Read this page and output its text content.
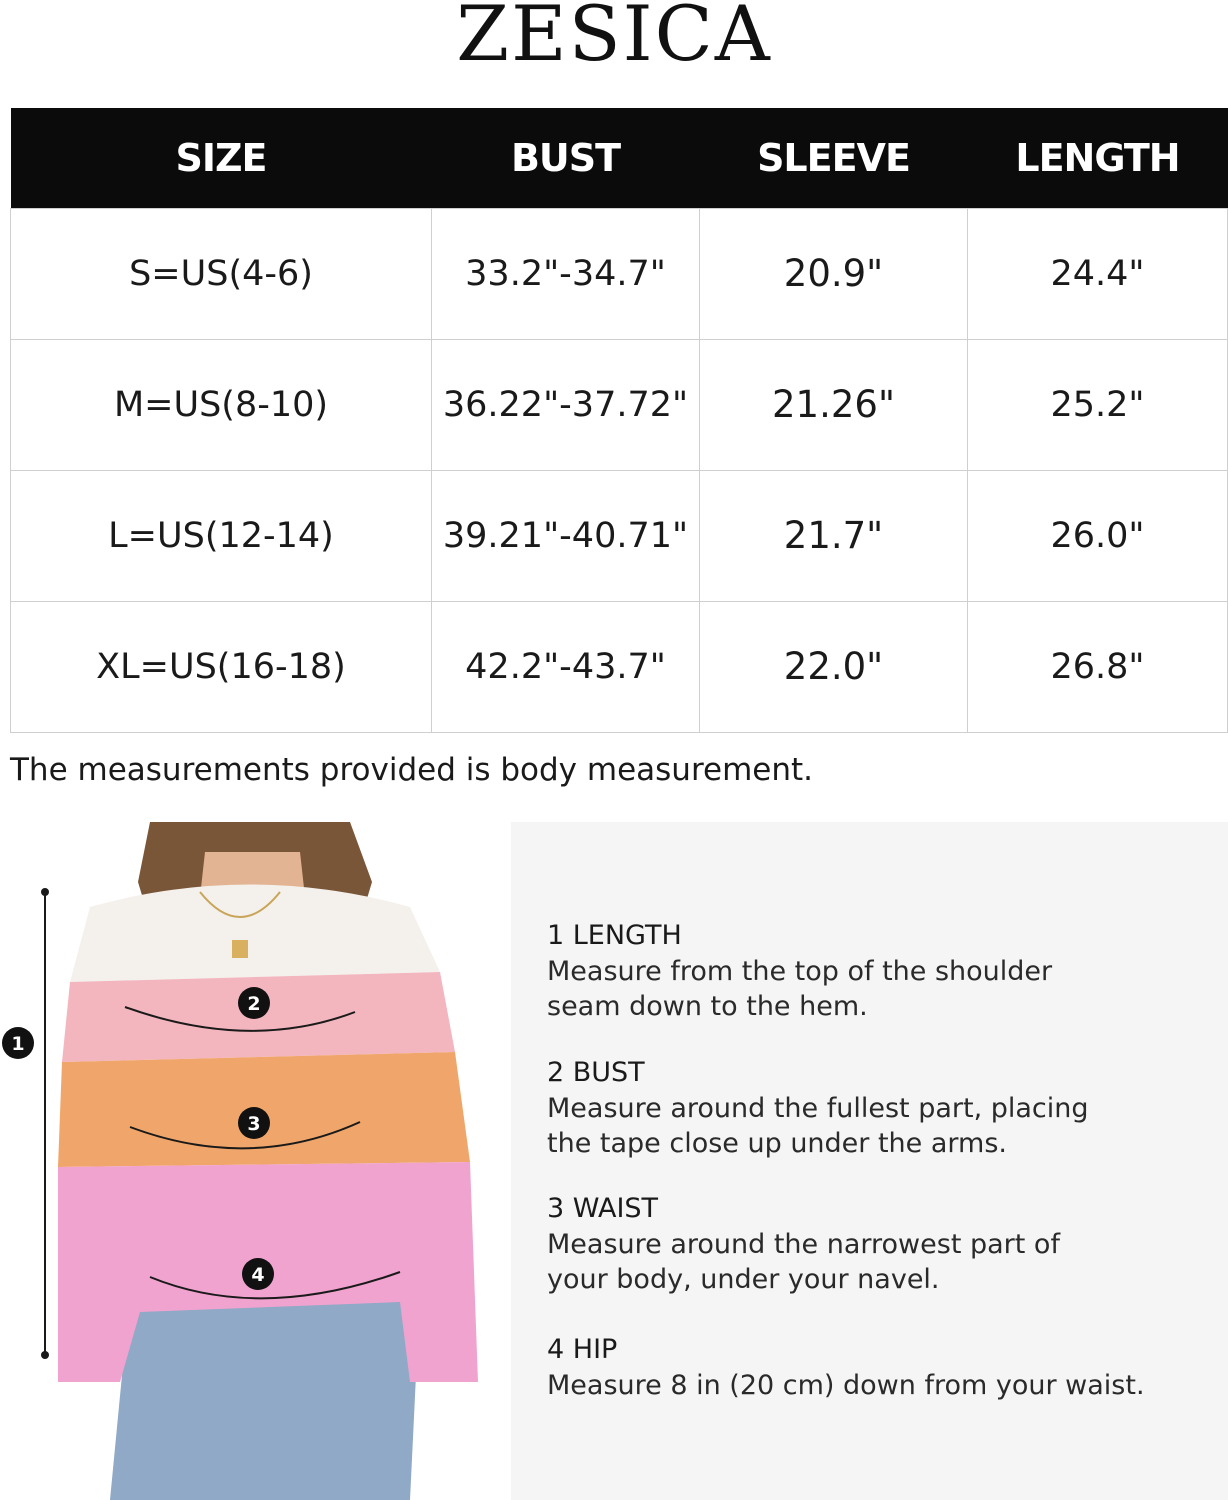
ZESICA
SIZE	BUST	SLEEVE	LENGTH
S=US(4-6)	33.2"-34.7"	20.9"	24.4"
M=US(8-10)	36.22"-37.72"	21.26"	25.2"
L=US(12-14)	39.21"-40.71"	21.7"	26.0"
XL=US(16-18)	42.2"-43.7"	22.0"	26.8"
The measurements provided is body measurement.
1
2
3
4
1 LENGTH
Measure from the top of the shoulder
seam down to the hem.
2 BUST
Measure around the fullest part, placing
the tape close up under the arms.
3 WAIST
Measure around the narrowest part of
your body, under your navel.
4 HIP
Measure 8 in (20 cm) down from your waist.
